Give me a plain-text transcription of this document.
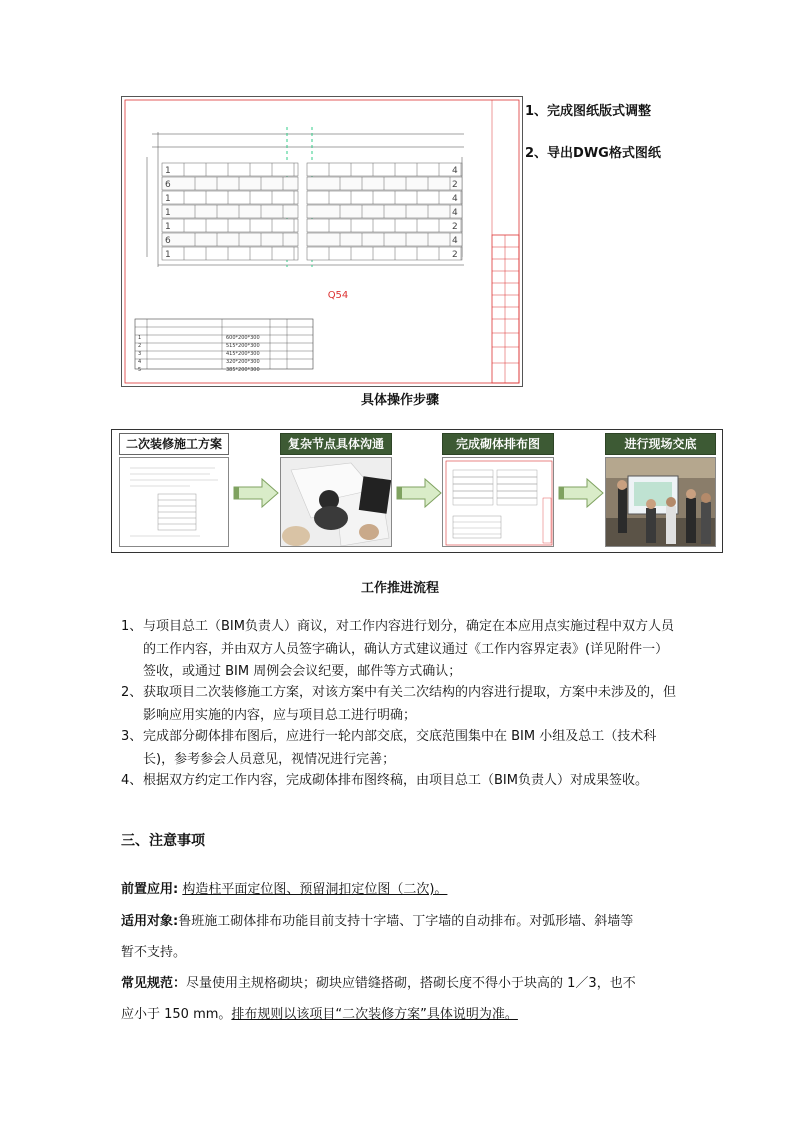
1
6
1
1
1
6
1
4
2
4
4
2
4
2
Q54
1	600*200*300
2	515*200*300
3	415*200*300
4	320*200*300
5	385*200*300
1、完成图纸版式调整
2、导出DWG格式图纸
具体操作步骤
二次装修施工方案	复杂节点具体沟通	完成砌体排布图	进行现场交底
工作推进流程
1、 与项目总工（BIM负责人）商议，对工作内容进行划分，确定在本应用点实施过程中双方人员的工作内容，并由双方人员签字确认，确认方式建议通过《工作内容界定表》(详见附件一）签收，或通过 BIM 周例会会议纪要，邮件等方式确认；
2、 获取项目二次装修施工方案，对该方案中有关二次结构的内容进行提取，方案中未涉及的，但影响应用实施的内容，应与项目总工进行明确；
3、 完成部分砌体排布图后，应进行一轮内部交底，交底范围集中在 BIM 小组及总工（技术科长)，参考参会人员意见，视情况进行完善；
4、 根据双方约定工作内容，完成砌体排布图终稿，由项目总工（BIM负责人）对成果签收。
三、注意事项
前置应用: 构造柱平面定位图、预留洞扣定位图（二次)。
适用对象:鲁班施工砌体排布功能目前支持十字墙、丁字墙的自动排布。对弧形墙、斜墙等
暂不支持。
常见规范：尽量使用主规格砌块；砌块应错缝搭砌，搭砌长度不得小于块高的 1／3，也不
应小于 150 mm。排布规则以该项目“二次装修方案”具体说明为准。
